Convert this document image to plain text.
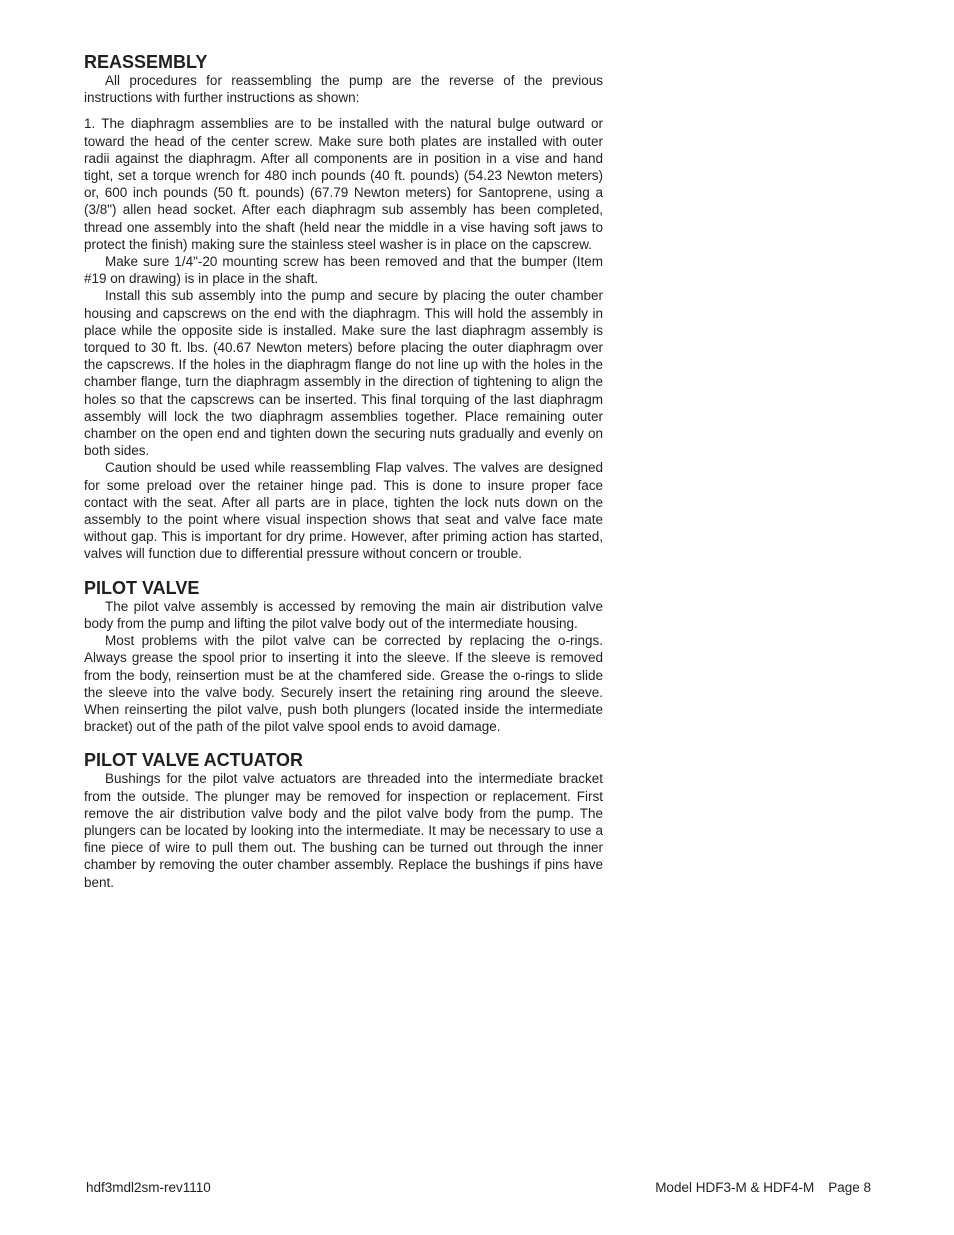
REASSEMBLY

All procedures for reassembling the pump are the reverse of the previous instructions with further instructions as shown:

1. The diaphragm assemblies are to be installed with the natural bulge outward or toward the head of the center screw. Make sure both plates are installed with outer radii against the diaphragm. After all components are in position in a vise and hand tight, set a torque wrench for 480 inch pounds (40 ft. pounds) (54.23 Newton meters) or, 600 inch pounds (50 ft. pounds) (67.79 Newton meters) for Santoprene, using a (3/8") allen head socket. After each diaphragm sub assembly has been completed, thread one assembly into the shaft (held near the middle in a vise having soft jaws to protect the finish) making sure the stainless steel washer is in place on the capscrew.

Make sure 1/4"-20 mounting screw has been removed and that the bumper (Item #19 on drawing) is in place in the shaft.

Install this sub assembly into the pump and secure by placing the outer chamber housing and capscrews on the end with the diaphragm. This will hold the assembly in place while the opposite side is installed. Make sure the last diaphragm assembly is torqued to 30 ft. lbs. (40.67 Newton meters) before placing the outer diaphragm over the capscrews. If the holes in the diaphragm flange do not line up with the holes in the chamber flange, turn the diaphragm assembly in the direction of tightening to align the holes so that the capscrews can be inserted. This final torquing of the last diaphragm assembly will lock the two diaphragm assemblies together. Place remaining outer chamber on the open end and tighten down the securing nuts gradually and evenly on both sides.

Caution should be used while reassembling Flap valves. The valves are designed for some preload over the retainer hinge pad. This is done to insure proper face contact with the seat. After all parts are in place, tighten the lock nuts down on the assembly to the point where visual inspection shows that seat and valve face mate without gap. This is important for dry prime. However, after priming action has started, valves will function due to differential pressure without concern or trouble.

PILOT VALVE

The pilot valve assembly is accessed by removing the main air distribution valve body from the pump and lifting the pilot valve body out of the intermediate housing.

Most problems with the pilot valve can be corrected by replacing the o-rings. Always grease the spool prior to inserting it into the sleeve. If the sleeve is removed from the body, reinsertion must be at the chamfered side. Grease the o-rings to slide the sleeve into the valve body. Securely insert the retaining ring around the sleeve. When reinserting the pilot valve, push both plungers (located inside the intermediate bracket) out of the path of the pilot valve spool ends to avoid damage.

PILOT VALVE ACTUATOR

Bushings for the pilot valve actuators are threaded into the intermediate bracket from the outside. The plunger may be removed for inspection or replacement. First remove the air distribution valve body and the pilot valve body from the pump. The plungers can be located by looking into the intermediate. It may be necessary to use a fine piece of wire to pull them out. The bushing can be turned out through the inner chamber by removing the outer chamber assembly. Replace the bushings if pins have bent.

hdf3mdl2sm-rev1110	Model HDF3-M & HDF4-M Page 8
